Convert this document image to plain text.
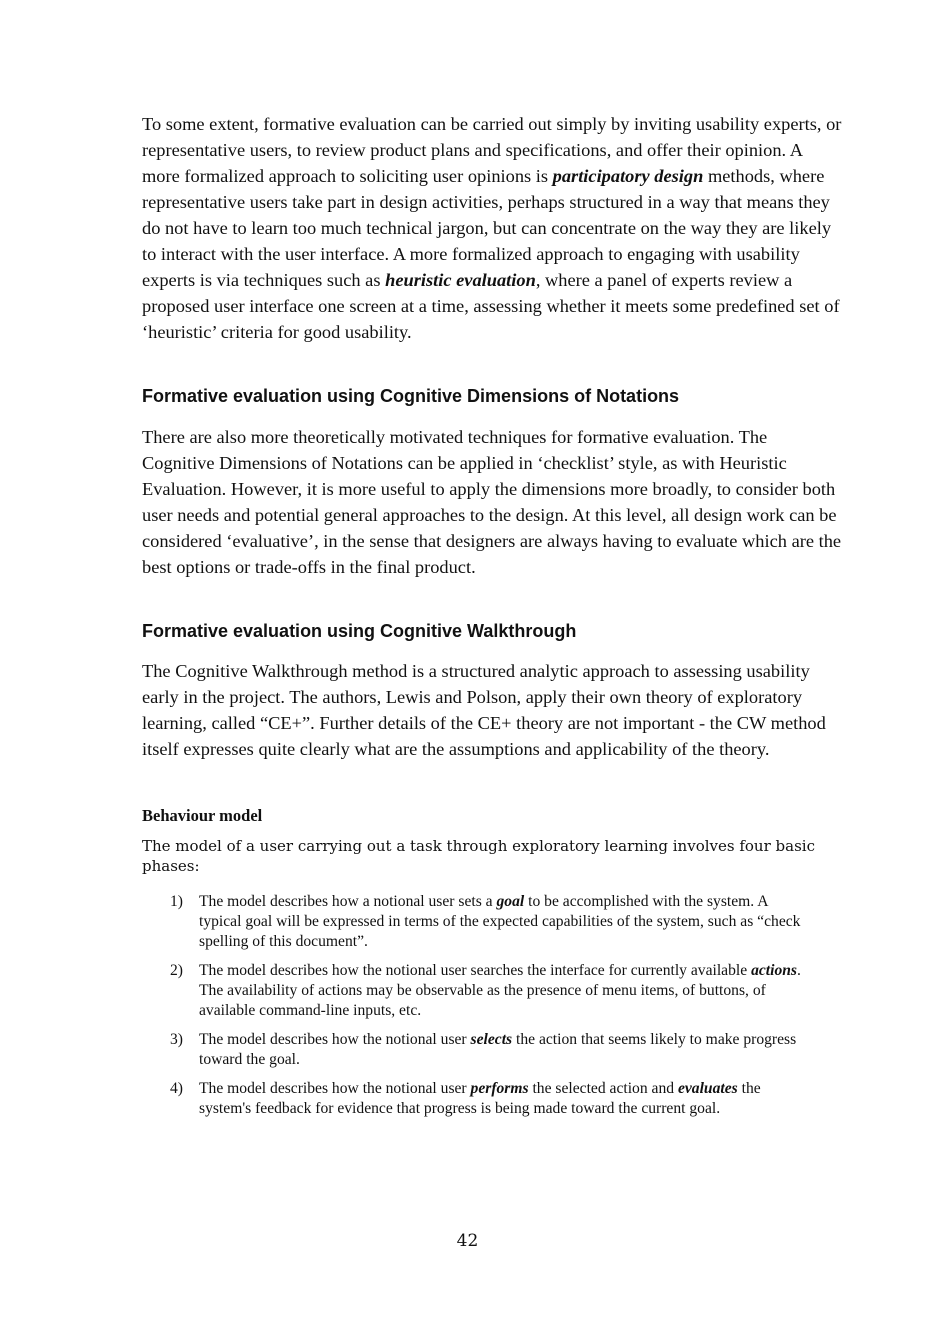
To some extent, formative evaluation can be carried out simply by inviting usability experts, or representative users, to review product plans and specifications, and offer their opinion. A more formalized approach to soliciting user opinions is participatory design methods, where representative users take part in design activities, perhaps structured in a way that means they do not have to learn too much technical jargon, but can concentrate on the way they are likely to interact with the user interface. A more formalized approach to engaging with usability experts is via techniques such as heuristic evaluation, where a panel of experts review a proposed user interface one screen at a time, assessing whether it meets some predefined set of ‘heuristic’ criteria for good usability.

Formative evaluation using Cognitive Dimensions of Notations

There are also more theoretically motivated techniques for formative evaluation. The Cognitive Dimensions of Notations can be applied in ‘checklist’ style, as with Heuristic Evaluation. However, it is more useful to apply the dimensions more broadly, to consider both user needs and potential general approaches to the design. At this level, all design work can be considered ‘evaluative’, in the sense that designers are always having to evaluate which are the best options or trade-offs in the final product.

Formative evaluation using Cognitive Walkthrough

The Cognitive Walkthrough method is a structured analytic approach to assessing usability early in the project. The authors, Lewis and Polson, apply their own theory of exploratory learning, called “CE+”. Further details of the CE+ theory are not important - the CW method itself expresses quite clearly what are the assumptions and applicability of the theory.

Behaviour model

The model of a user carrying out a task through exploratory learning involves four basic phases:

1) The model describes how a notional user sets a goal to be accomplished with the system. A typical goal will be expressed in terms of the expected capabilities of the system, such as “check spelling of this document”.
2) The model describes how the notional user searches the interface for currently available actions. The availability of actions may be observable as the presence of menu items, of buttons, of available command-line inputs, etc.
3) The model describes how the notional user selects the action that seems likely to make progress toward the goal.
4) The model describes how the notional user performs the selected action and evaluates the system's feedback for evidence that progress is being made toward the current goal.
42
